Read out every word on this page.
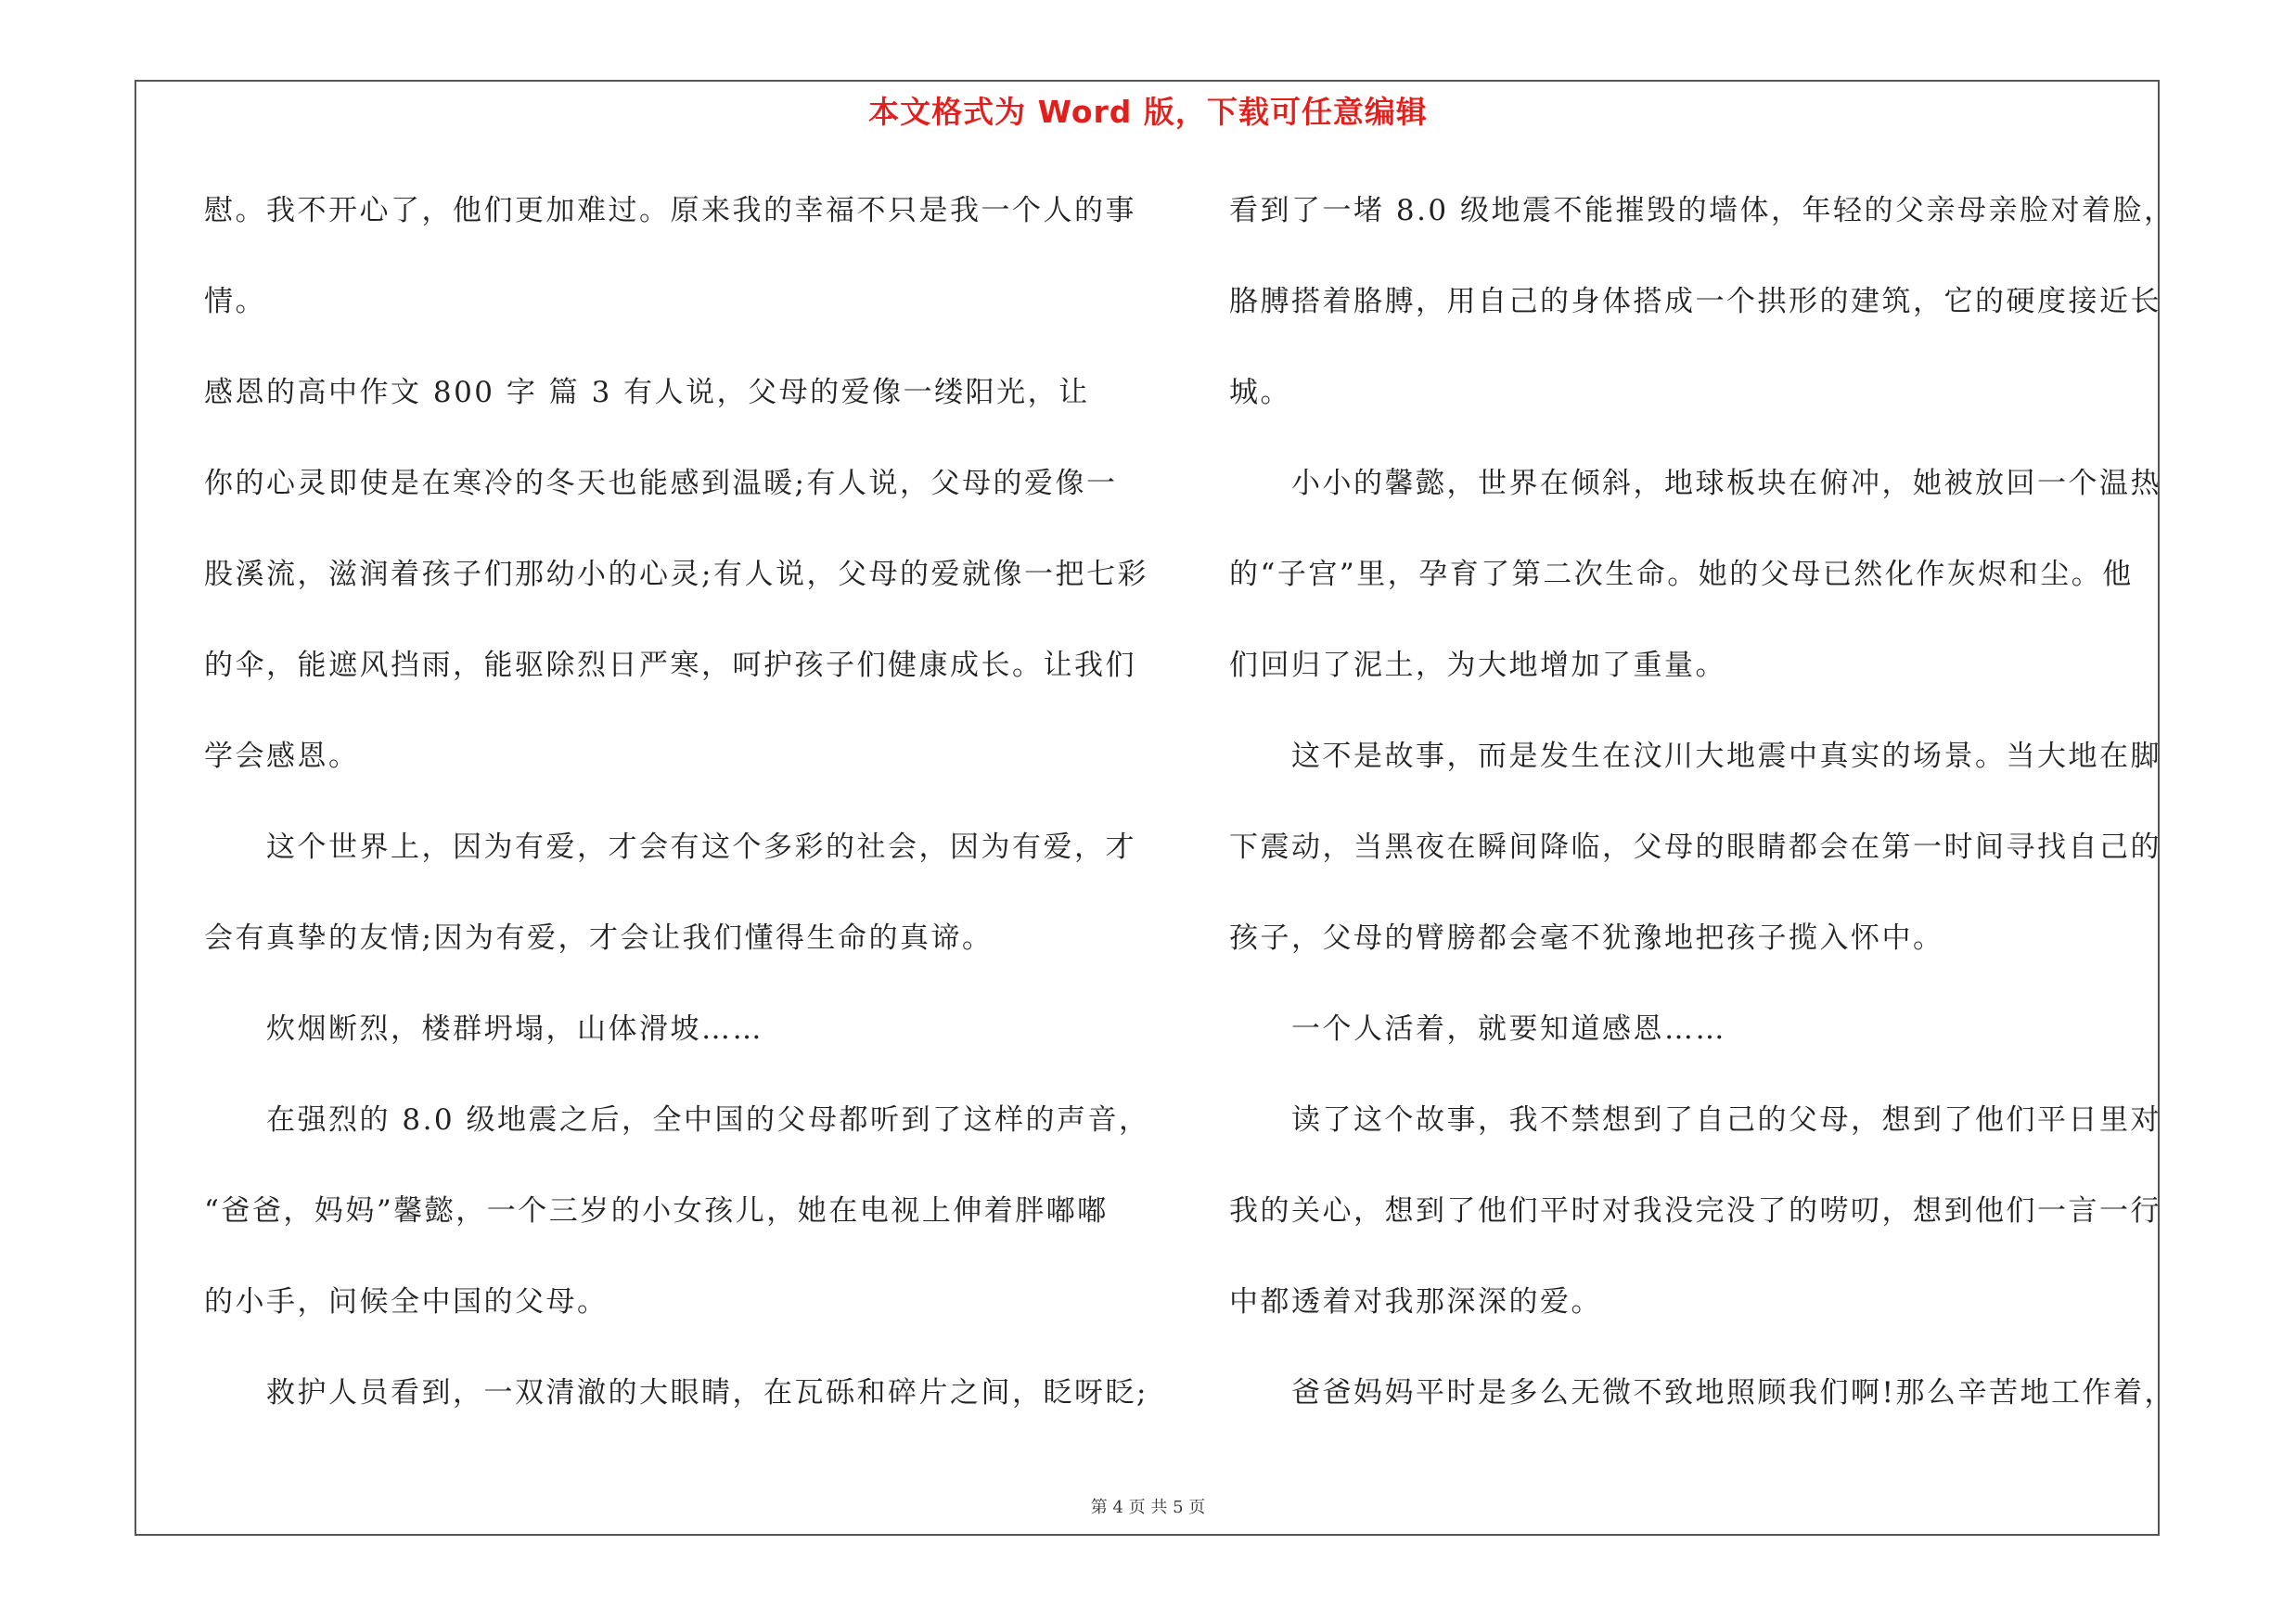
本文格式为 Word 版，下载可任意编辑
慰。我不开心了，他们更加难过。原来我的幸福不只是我一个人的事
情。
感恩的高中作文 800 字 篇 3 有人说，父母的爱像一缕阳光，让
你的心灵即使是在寒冷的冬天也能感到温暖;有人说，父母的爱像一
股溪流，滋润着孩子们那幼小的心灵;有人说，父母的爱就像一把七彩
的伞，能遮风挡雨，能驱除烈日严寒，呵护孩子们健康成长。让我们
学会感恩。
　　这个世界上，因为有爱，才会有这个多彩的社会，因为有爱，才
会有真挚的友情;因为有爱，才会让我们懂得生命的真谛。
　　炊烟断烈，楼群坍塌，山体滑坡……
　　在强烈的 8.0 级地震之后，全中国的父母都听到了这样的声音，
“爸爸，妈妈”馨懿，一个三岁的小女孩儿，她在电视上伸着胖嘟嘟
的小手，问候全中国的父母。
　　救护人员看到，一双清澈的大眼睛，在瓦砾和碎片之间，眨呀眨;
看到了一堵 8.0 级地震不能摧毁的墙体，年轻的父亲母亲脸对着脸，
胳膊搭着胳膊，用自己的身体搭成一个拱形的建筑，它的硬度接近长
城。
　　小小的馨懿，世界在倾斜，地球板块在俯冲，她被放回一个温热
的“子宫”里，孕育了第二次生命。她的父母已然化作灰烬和尘。他
们回归了泥土，为大地增加了重量。
　　这不是故事，而是发生在汶川大地震中真实的场景。当大地在脚
下震动，当黑夜在瞬间降临，父母的眼睛都会在第一时间寻找自己的
孩子，父母的臂膀都会毫不犹豫地把孩子揽入怀中。
　　一个人活着，就要知道感恩……
　　读了这个故事，我不禁想到了自己的父母，想到了他们平日里对
我的关心，想到了他们平时对我没完没了的唠叨，想到他们一言一行
中都透着对我那深深的爱。
　　爸爸妈妈平时是多么无微不致地照顾我们啊!那么辛苦地工作着，
第 4 页 共 5 页
